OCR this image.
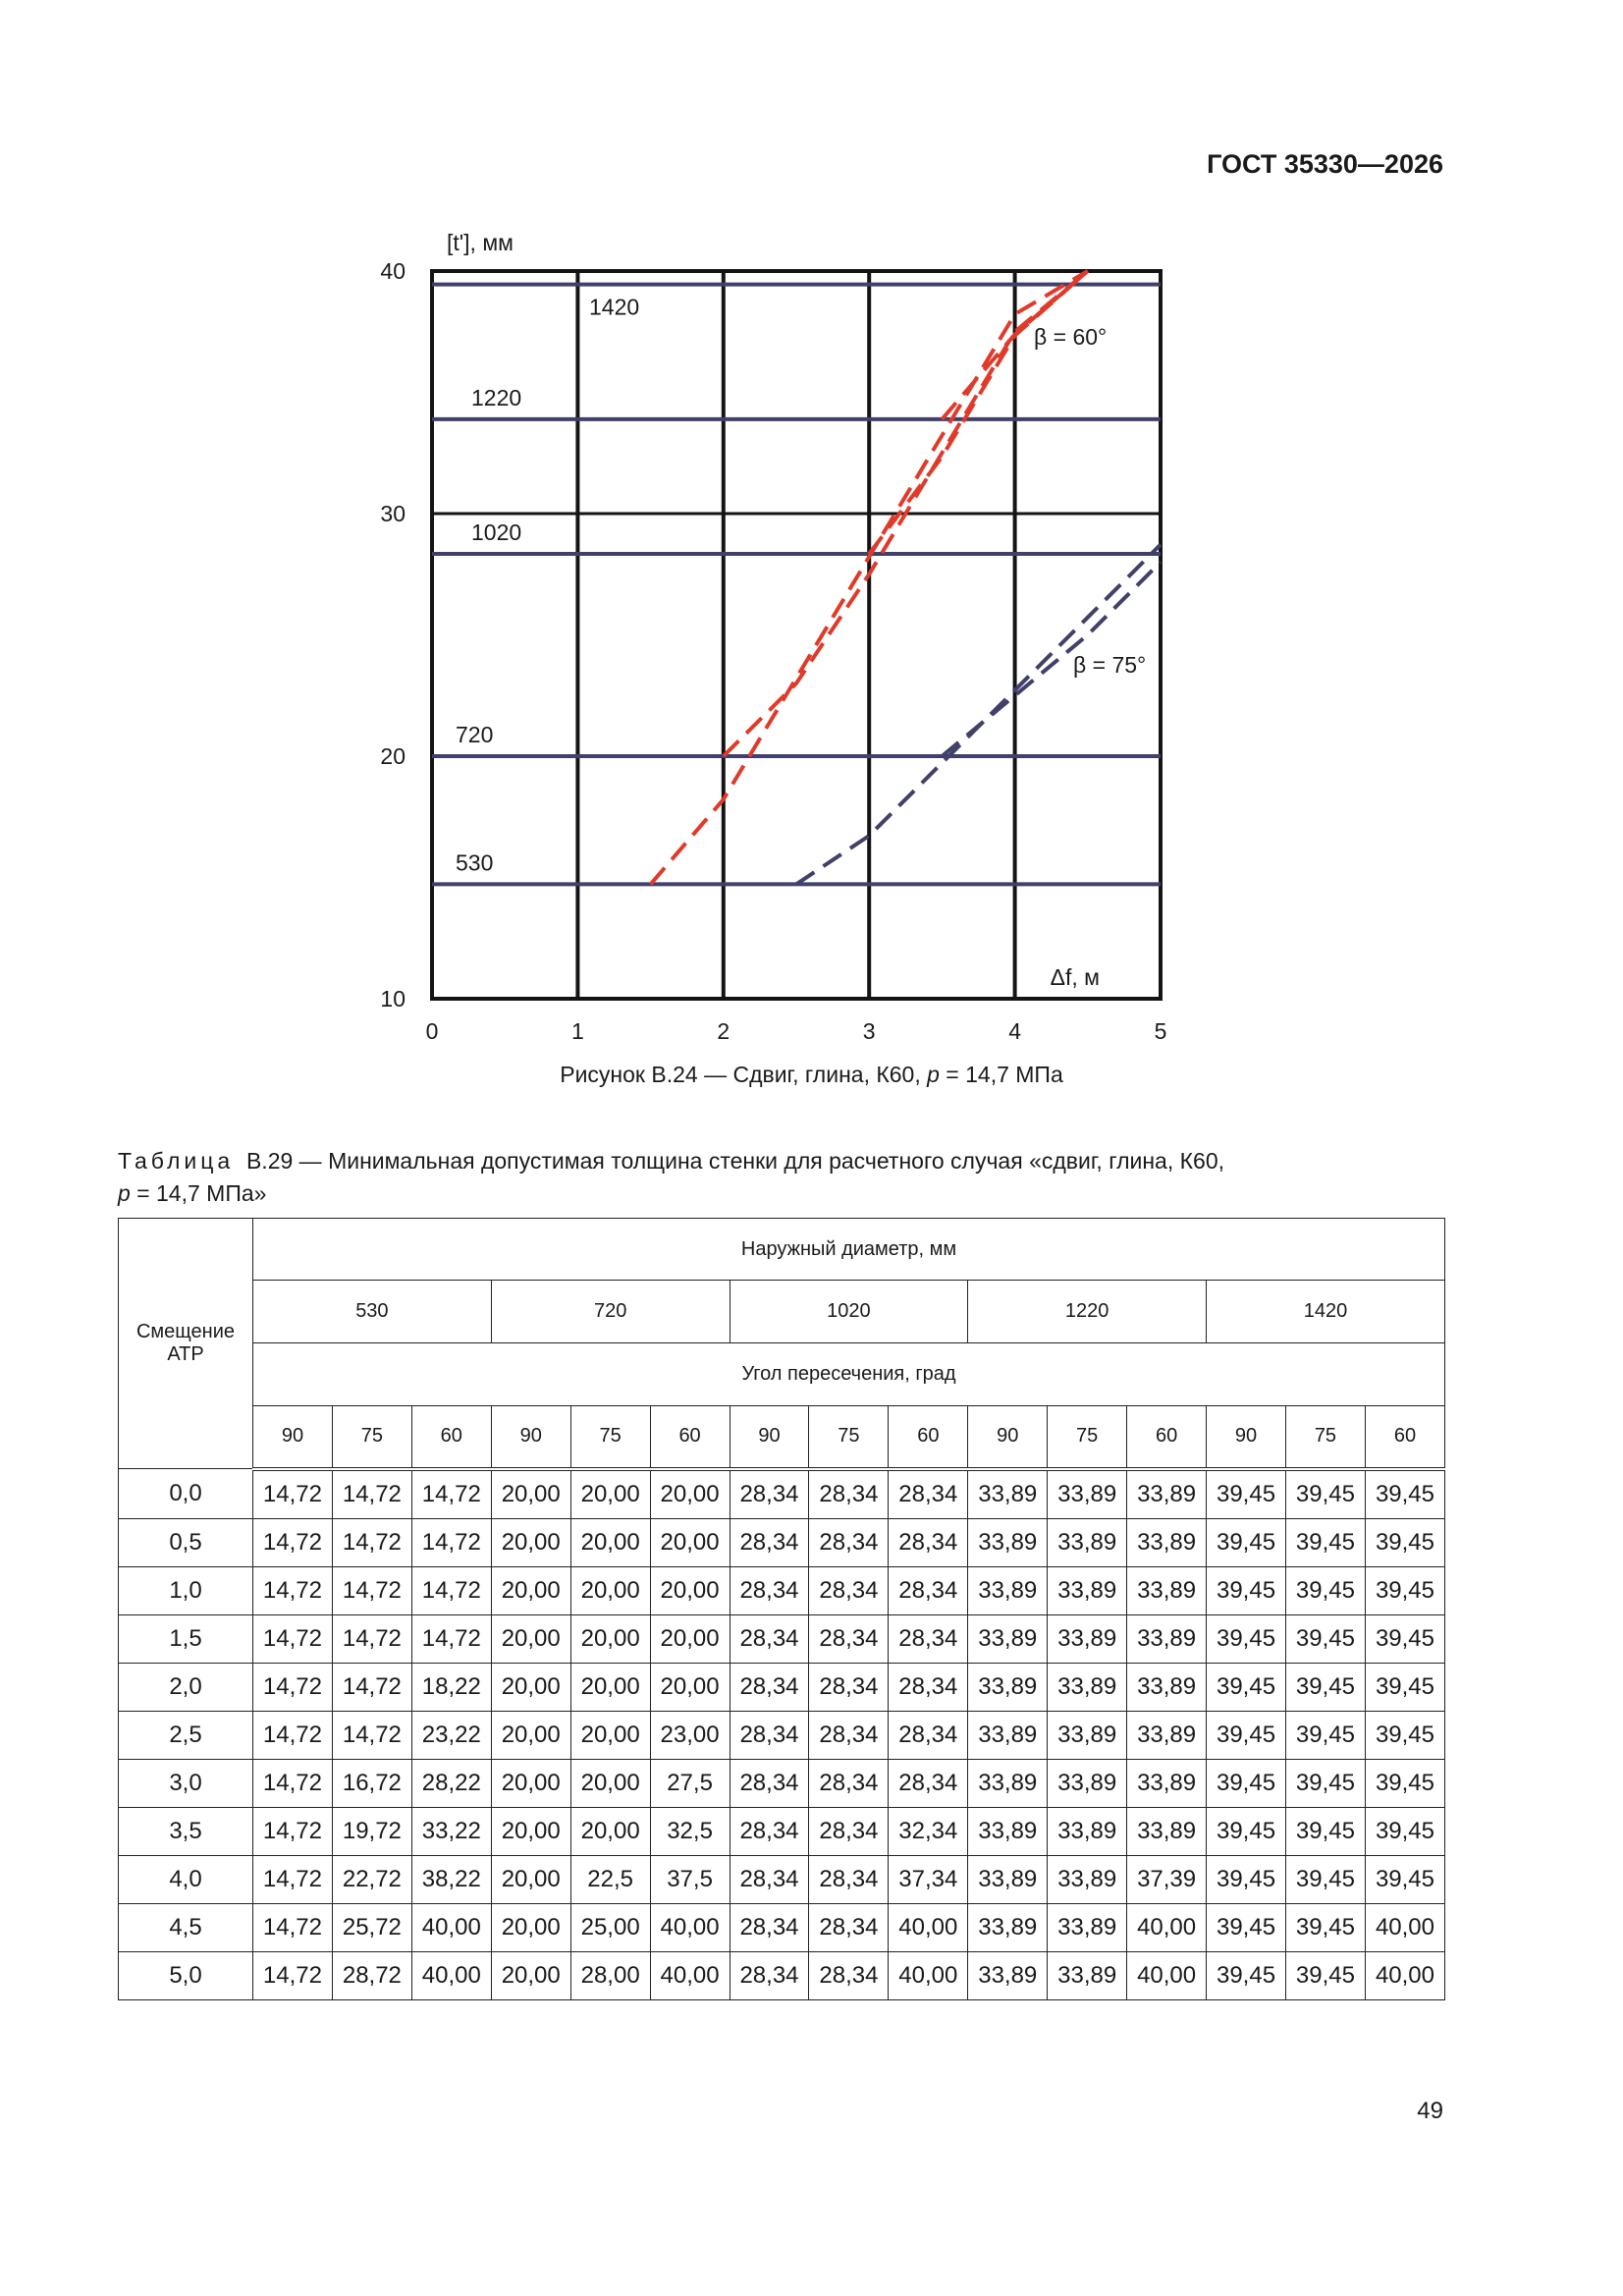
ГОСТ 35330—2026
530
720
1020
1220
1420
[t'], мм
Δf, м
β = 60°
β = 75°
0	1	2	3	4	5
10
20
30
40
Рисунок В.24 — Сдвиг, глина, К60, p = 14,7 МПа
Таблица В.29 — Минимальная допустимая толщина стенки для расчетного случая «сдвиг, глина, К60,
p = 14,7 МПа»
Смещение АТР	Наружный диаметр, мм														
	530			720			1020			1220			1420		
	Угол пересечения, град														
	90	75	60	90	75	60	90	75	60	90	75	60	90	75	60
0,0	14,72	14,72	14,72	20,00	20,00	20,00	28,34	28,34	28,34	33,89	33,89	33,89	39,45	39,45	39,45
0,5	14,72	14,72	14,72	20,00	20,00	20,00	28,34	28,34	28,34	33,89	33,89	33,89	39,45	39,45	39,45
1,0	14,72	14,72	14,72	20,00	20,00	20,00	28,34	28,34	28,34	33,89	33,89	33,89	39,45	39,45	39,45
1,5	14,72	14,72	14,72	20,00	20,00	20,00	28,34	28,34	28,34	33,89	33,89	33,89	39,45	39,45	39,45
2,0	14,72	14,72	18,22	20,00	20,00	20,00	28,34	28,34	28,34	33,89	33,89	33,89	39,45	39,45	39,45
2,5	14,72	14,72	23,22	20,00	20,00	23,00	28,34	28,34	28,34	33,89	33,89	33,89	39,45	39,45	39,45
3,0	14,72	16,72	28,22	20,00	20,00	27,5	28,34	28,34	28,34	33,89	33,89	33,89	39,45	39,45	39,45
3,5	14,72	19,72	33,22	20,00	20,00	32,5	28,34	28,34	32,34	33,89	33,89	33,89	39,45	39,45	39,45
4,0	14,72	22,72	38,22	20,00	22,5	37,5	28,34	28,34	37,34	33,89	33,89	37,39	39,45	39,45	39,45
4,5	14,72	25,72	40,00	20,00	25,00	40,00	28,34	28,34	40,00	33,89	33,89	40,00	39,45	39,45	40,00
5,0	14,72	28,72	40,00	20,00	28,00	40,00	28,34	28,34	40,00	33,89	33,89	40,00	39,45	39,45	40,00
49
